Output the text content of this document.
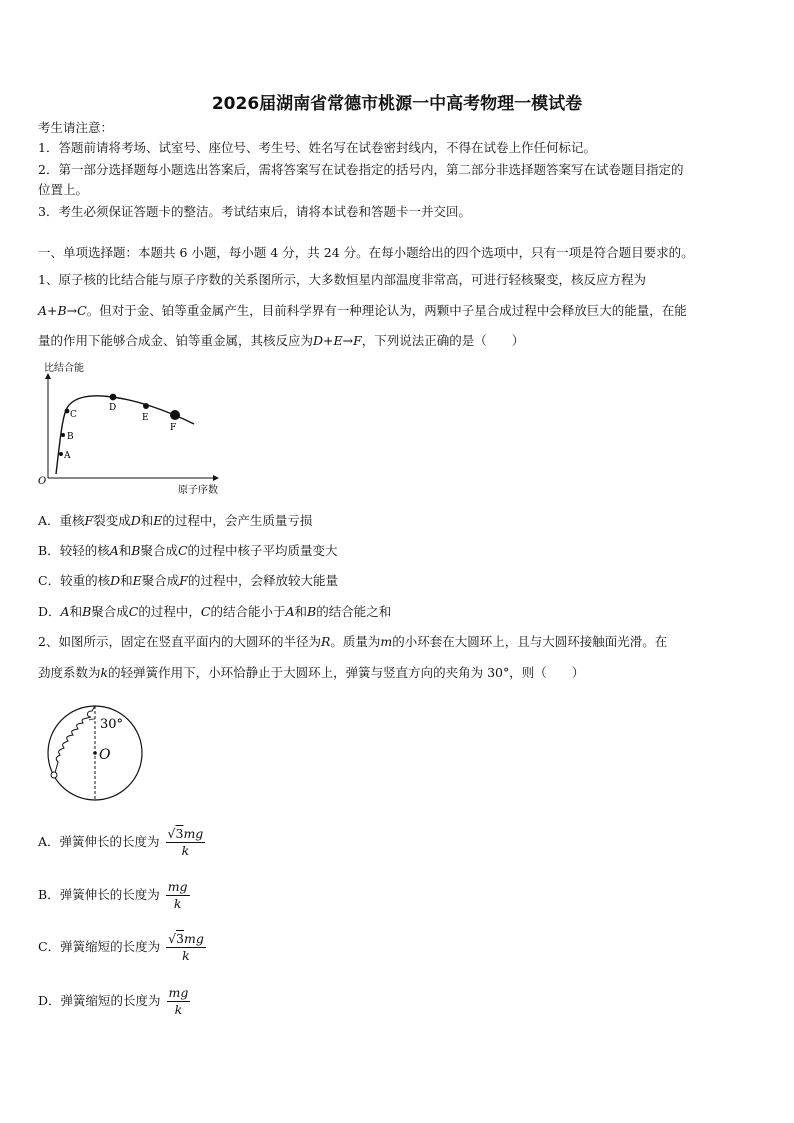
2026届湖南省常德市桃源一中高考物理一模试卷
考生请注意：
1．答题前请将考场、试室号、座位号、考生号、姓名写在试卷密封线内，不得在试卷上作任何标记。
2．第一部分选择题每小题选出答案后，需将答案写在试卷指定的括号内，第二部分非选择题答案写在试卷题目指定的
位置上。
3．考生必须保证答题卡的整洁。考试结束后，请将本试卷和答题卡一并交回。
一、单项选择题：本题共 6 小题，每小题 4 分，共 24 分。在每小题给出的四个选项中，只有一项是符合题目要求的。
1、原子核的比结合能与原子序数的关系图所示，大多数恒星内部温度非常高，可进行轻核聚变，核反应方程为
A+B→C。但对于金、铂等重金属产生，目前科学界有一种理论认为，两颗中子星合成过程中会释放巨大的能量，在能
量的作用下能够合成金、铂等重金属，其核反应为D+E→F，下列说法正确的是（　　）
比结合能
原子序数
O
A
B
C
D
E
F
A．重核F裂变成D和E的过程中，会产生质量亏损
B．较轻的核A和B聚合成C的过程中核子平均质量变大
C．较重的核D和E聚合成F的过程中，会释放较大能量
D．A和B聚合成C的过程中，C的结合能小于A和B的结合能之和
2、如图所示，固定在竖直平面内的大圆环的半径为R。质量为m的小环套在大圆环上，且与大圆环接触面光滑。在
劲度系数为k的轻弹簧作用下，小环恰静止于大圆环上，弹簧与竖直方向的夹角为 30°，则（　　）
30°
O
A．弹簧伸长的长度为 $\frac{√3mg}{k}$
B．弹簧伸长的长度为 $\frac{mg}{k}$
C．弹簧缩短的长度为 $\frac{√3mg}{k}$
D．弹簧缩短的长度为 $\frac{mg}{k}$
